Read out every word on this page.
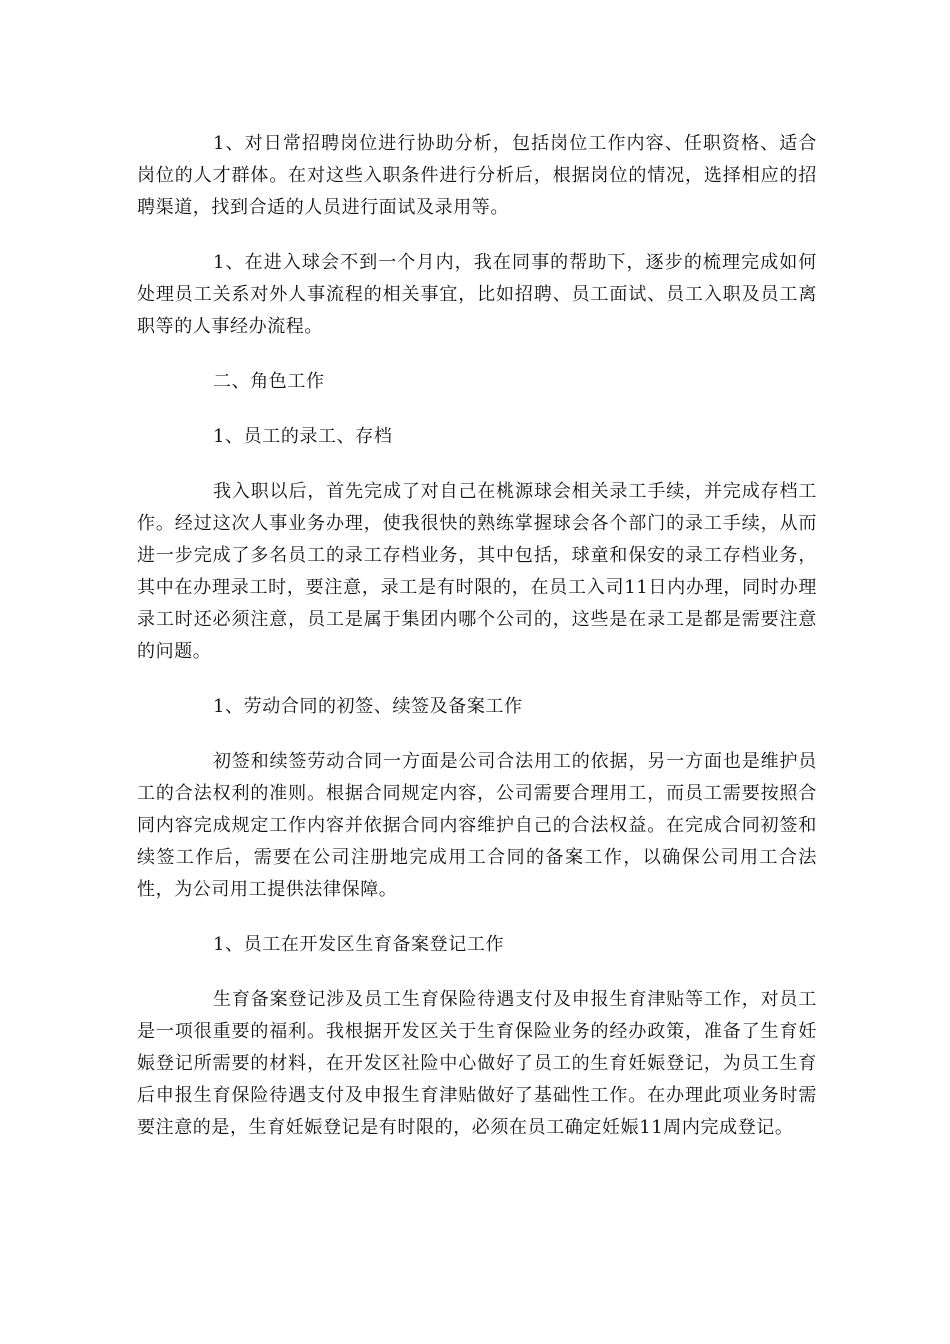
1、对日常招聘岗位进行协助分析，包括岗位工作内容、任职资格、适合岗位的人才群体。在对这些入职条件进行分析后，根据岗位的情况，选择相应的招聘渠道，找到合适的人员进行面试及录用等。

1、在进入球会不到一个月内，我在同事的帮助下，逐步的梳理完成如何处理员工关系对外人事流程的相关事宜，比如招聘、员工面试、员工入职及员工离职等的人事经办流程。

二、角色工作

1、员工的录工、存档

我入职以后，首先完成了对自己在桃源球会相关录工手续，并完成存档工作。经过这次人事业务办理，使我很快的熟练掌握球会各个部门的录工手续，从而进一步完成了多名员工的录工存档业务，其中包括，球童和保安的录工存档业务，其中在办理录工时，要注意，录工是有时限的，在员工入司11日内办理，同时办理录工时还必须注意，员工是属于集团内哪个公司的，这些是在录工是都是需要注意的问题。

1、劳动合同的初签、续签及备案工作

初签和续签劳动合同一方面是公司合法用工的依据，另一方面也是维护员工的合法权利的准则。根据合同规定内容，公司需要合理用工，而员工需要按照合同内容完成规定工作内容并依据合同内容维护自己的合法权益。在完成合同初签和续签工作后，需要在公司注册地完成用工合同的备案工作，以确保公司用工合法性，为公司用工提供法律保障。

1、员工在开发区生育备案登记工作

生育备案登记涉及员工生育保险待遇支付及申报生育津贴等工作，对员工是一项很重要的福利。我根据开发区关于生育保险业务的经办政策，准备了生育妊娠登记所需要的材料，在开发区社险中心做好了员工的生育妊娠登记，为员工生育后申报生育保险待遇支付及申报生育津贴做好了基础性工作。在办理此项业务时需要注意的是，生育妊娠登记是有时限的，必须在员工确定妊娠11周内完成登记。
